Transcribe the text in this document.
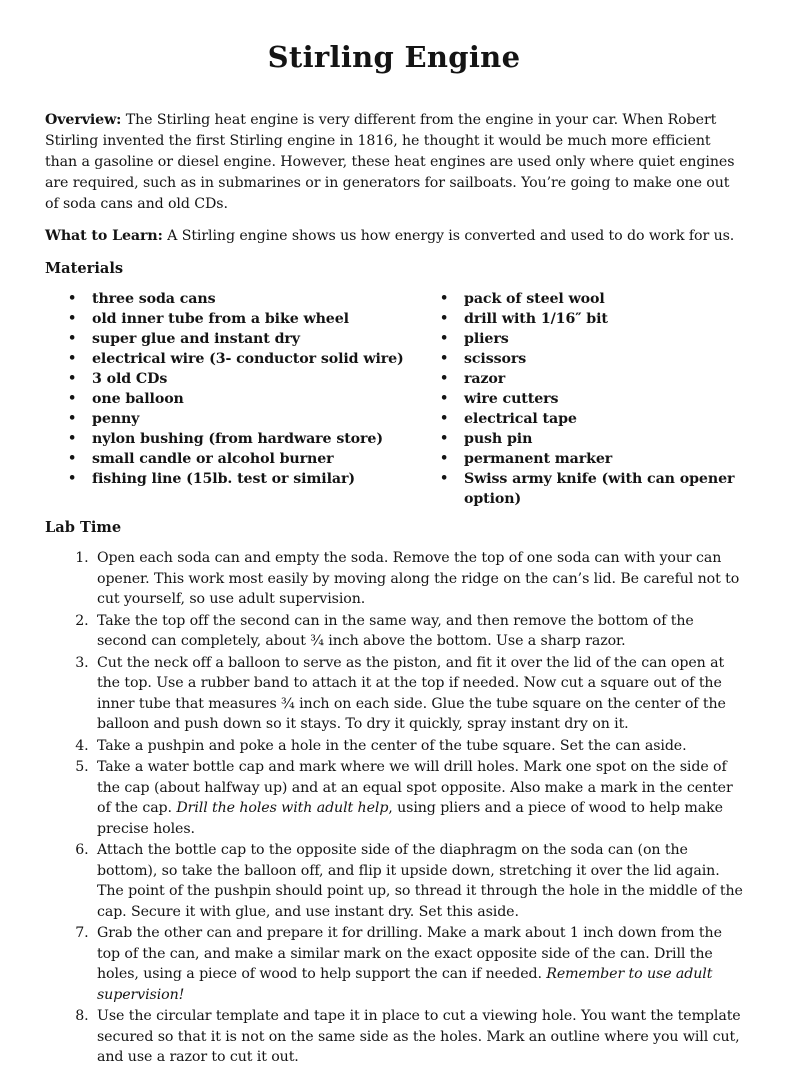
Stirling Engine

Overview: The Stirling heat engine is very different from the engine in your car. When Robert Stirling invented the first Stirling engine in 1816, he thought it would be much more efficient than a gasoline or diesel engine. However, these heat engines are used only where quiet engines are required, such as in submarines or in generators for sailboats. You’re going to make one out of soda cans and old CDs.

What to Learn: A Stirling engine shows us how energy is converted and used to do work for us.

Materials
•	three soda cans
•	old inner tube from a bike wheel
•	super glue and instant dry
•	electrical wire (3- conductor solid wire)
•	3 old CDs
•	one balloon
•	penny
•	nylon bushing (from hardware store)
•	small candle or alcohol burner
•	fishing line (15lb. test or similar)
•	pack of steel wool
•	drill with 1/16″ bit
•	pliers
•	scissors
•	razor
•	wire cutters
•	electrical tape
•	push pin
•	permanent marker
•	Swiss army knife (with can opener option)
Lab Time
1. Open each soda can and empty the soda. Remove the top of one soda can with your can opener. This work most easily by moving along the ridge on the can’s lid. Be careful not to cut yourself, so use adult supervision.
2. Take the top off the second can in the same way, and then remove the bottom of the second can completely, about ¾ inch above the bottom. Use a sharp razor.
3. Cut the neck off a balloon to serve as the piston, and fit it over the lid of the can open at the top. Use a rubber band to attach it at the top if needed. Now cut a square out of the inner tube that measures ¾ inch on each side. Glue the tube square on the center of the balloon and push down so it stays. To dry it quickly, spray instant dry on it.
4. Take a pushpin and poke a hole in the center of the tube square. Set the can aside.
5. Take a water bottle cap and mark where we will drill holes. Mark one spot on the side of the cap (about halfway up) and at an equal spot opposite. Also make a mark in the center of the cap. Drill the holes with adult help, using pliers and a piece of wood to help make precise holes.
6. Attach the bottle cap to the opposite side of the diaphragm on the soda can (on the bottom), so take the balloon off, and flip it upside down, stretching it over the lid again. The point of the pushpin should point up, so thread it through the hole in the middle of the cap. Secure it with glue, and use instant dry. Set this aside.
7. Grab the other can and prepare it for drilling. Make a mark about 1 inch down from the top of the can, and make a similar mark on the exact opposite side of the can. Drill the holes, using a piece of wood to help support the can if needed. Remember to use adult supervision!
8. Use the circular template and tape it in place to cut a viewing hole. You want the template secured so that it is not on the same side as the holes. Mark an outline where you will cut, and use a razor to cut it out.
